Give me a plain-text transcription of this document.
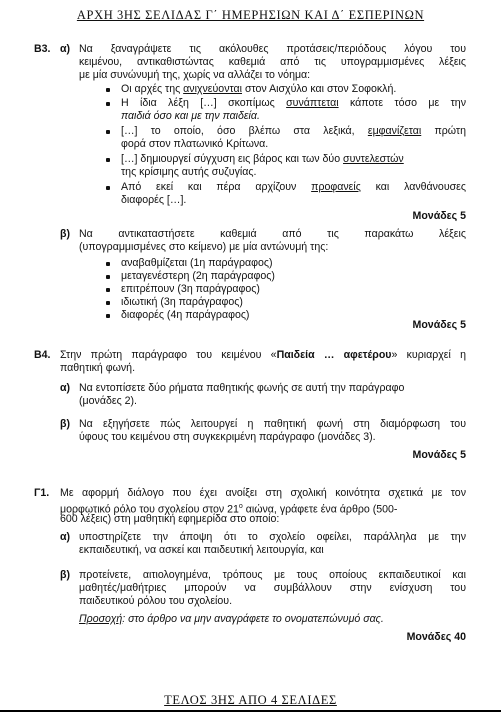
ΑΡΧΗ 3ΗΣ ΣΕΛΙΔΑΣ Γ΄ ΗΜΕΡΗΣΙΩΝ ΚΑΙ Δ΄ ΕΣΠΕΡΙΝΩΝ
Β3. α) Να ξαναγράψετε τις ακόλουθες προτάσεις/περιόδους λόγου του
κειμένου, αντικαθιστώντας καθεμιά από τις υπογραμμισμένες λέξεις
με μία συνώνυμή της, χωρίς να αλλάζει το νόημα:
Οι αρχές της ανιχνεύονται στον Αισχύλο και στον Σοφοκλή.
Η ίδια λέξη […] σκοπίμως συνάπτεται κάποτε τόσο με την
παιδιά όσο και με την παιδεία.
[…] το οποίο, όσο βλέπω στα λεξικά, εμφανίζεται πρώτη
φορά στον πλατωνικό Κρίτωνα.
[…] δημιουργεί σύγχυση εις βάρος και των δύο συντελεστών
της κρίσιμης αυτής συζυγίας.
Από εκεί και πέρα αρχίζουν προφανείς και λανθάνουσες
διαφορές […].
Μονάδες 5
β) Να αντικαταστήσετε καθεμιά από τις παρακάτω λέξεις
(υπογραμμισμένες στο κείμενο) με μία αντώνυμή της:
αναβαθμίζεται (1η παράγραφος)
μεταγενέστερη (2η παράγραφος)
επιτρέπουν (3η παράγραφος)
ιδιωτική (3η παράγραφος)
διαφορές (4η παράγραφος)
Μονάδες 5
Β4. Στην πρώτη παράγραφο του κειμένου «Παιδεία … αφετέρου» κυριαρχεί η
παθητική φωνή.
α) Να εντοπίσετε δύο ρήματα παθητικής φωνής σε αυτή την παράγραφο
(μονάδες 2).
β) Να εξηγήσετε πώς λειτουργεί η παθητική φωνή στη διαμόρφωση του
ύφους του κειμένου στη συγκεκριμένη παράγραφο (μονάδες 3).
Μονάδες 5
Γ1. Με αφορμή διάλογο που έχει ανοίξει στη σχολική κοινότητα σχετικά με τον
μορφωτικό ρόλο του σχολείου στον $21^o$ αιώνα, γράφετε ένα άρθρο (500-
600 λέξεις) στη μαθητική εφημερίδα στο οποίο:
α) υποστηρίζετε την άποψη ότι το σχολείο οφείλει, παράλληλα με την
εκπαιδευτική, να ασκεί και παιδευτική λειτουργία, και
β) προτείνετε, αιτιολογημένα, τρόπους με τους οποίους εκπαιδευτικοί και
μαθητές/μαθήτριες μπορούν να συμβάλλουν στην ενίσχυση του
παιδευτικού ρόλου του σχολείου.
Προσοχή: στο άρθρο να μην αναγράφετε το ονοματεπώνυμό σας.
Μονάδες 40
ΤΕΛΟΣ 3ΗΣ ΑΠΟ 4 ΣΕΛΙΔΕΣ
